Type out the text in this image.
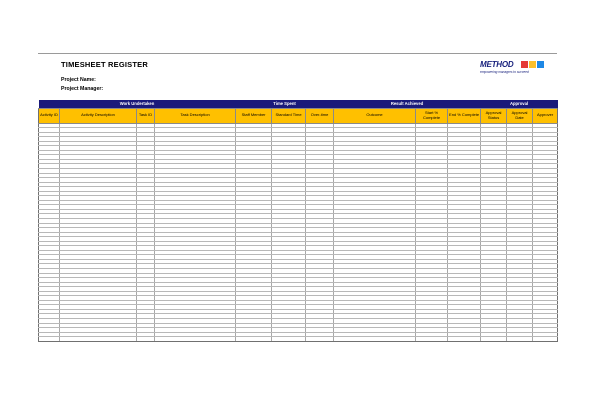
TIMESHEET REGISTER
Project Name:
Project Manager:
METHOD
empowering managers to succeed
Work Undertaken				Time Spent			Result Achieved			Approval		
Activity ID	Activity Description	Task ID	Task Description	Staff Member	Standard Time	Over-time	Outcome	Start % Complete	End % Complete	Approval Status	Approval Date	Approver
